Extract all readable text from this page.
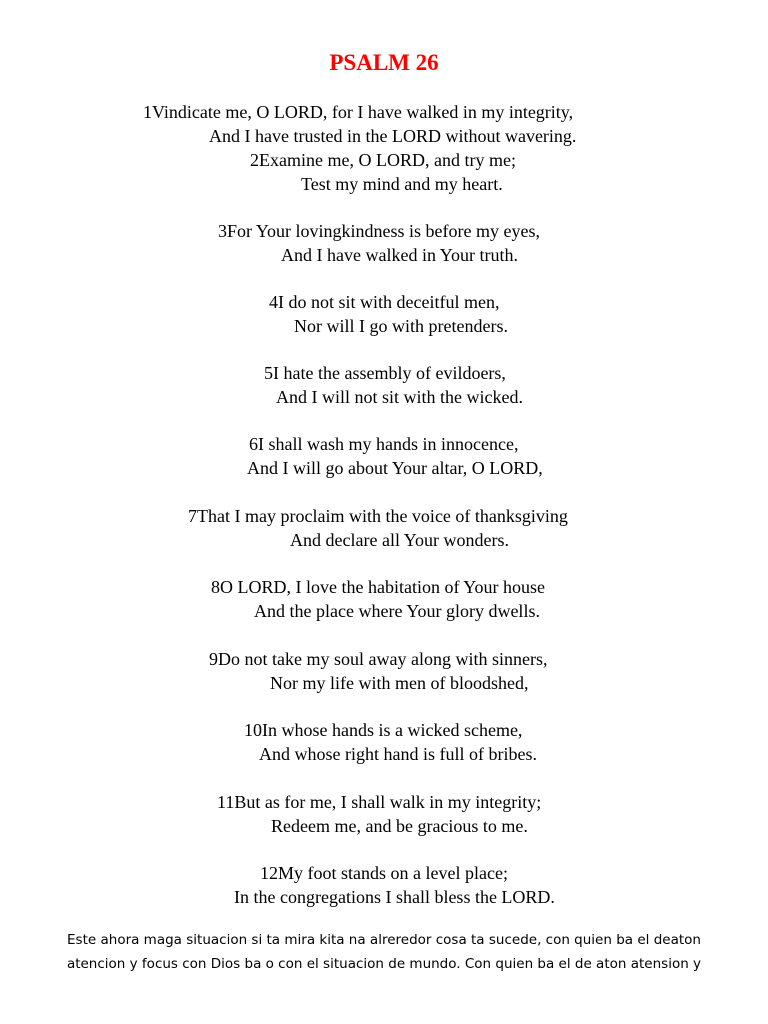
PSALM 26
1Vindicate me, O LORD, for I have walked in my integrity,
And I have trusted in the LORD without wavering.
2Examine me, O LORD, and try me;
Test my mind and my heart.
3For Your lovingkindness is before my eyes,
And I have walked in Your truth.
4I do not sit with deceitful men,
Nor will I go with pretenders.
5I hate the assembly of evildoers,
And I will not sit with the wicked.
6I shall wash my hands in innocence,
And I will go about Your altar, O LORD,
7That I may proclaim with the voice of thanksgiving
And declare all Your wonders.
8O LORD, I love the habitation of Your house
And the place where Your glory dwells.
9Do not take my soul away along with sinners,
Nor my life with men of bloodshed,
10In whose hands is a wicked scheme,
And whose right hand is full of bribes.
11But as for me, I shall walk in my integrity;
Redeem me, and be gracious to me.
12My foot stands on a level place;
In the congregations I shall bless the LORD.
Este ahora maga situacion si ta mira kita na alreredor cosa ta sucede, con quien ba el deaton
atencion y focus con Dios ba o con el situacion de mundo. Con quien ba el de aton atension y
